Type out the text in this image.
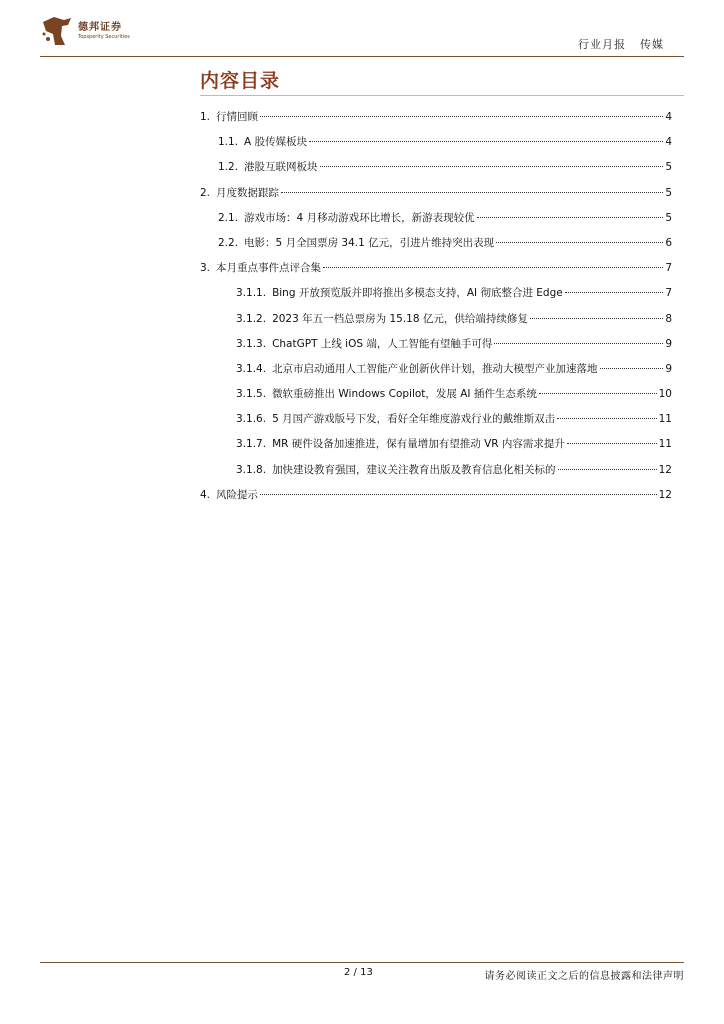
德邦证券
Topsperity Securities
行业月报 传媒
内容目录
1. 行情回顾	4
1.1. A 股传媒板块	4
1.2. 港股互联网板块	5
2. 月度数据跟踪	5
2.1. 游戏市场：4 月移动游戏环比增长，新游表现较优	5
2.2. 电影：5 月全国票房 34.1 亿元，引进片维持突出表现	6
3. 本月重点事件点评合集	7
3.1.1. Bing 开放预览版并即将推出多模态支持，AI 彻底整合进 Edge	7
3.1.2. 2023 年五一档总票房为 15.18 亿元，供给端持续修复	8
3.1.3. ChatGPT 上线 iOS 端，人工智能有望触手可得	9
3.1.4. 北京市启动通用人工智能产业创新伙伴计划，推动大模型产业加速落地	9
3.1.5. 微软重磅推出 Windows Copilot，发展 AI 插件生态系统	10
3.1.6. 5 月国产游戏版号下发，看好全年维度游戏行业的戴维斯双击	11
3.1.7. MR 硬件设备加速推进，保有量增加有望推动 VR 内容需求提升	11
3.1.8. 加快建设教育强国，建议关注教育出版及教育信息化相关标的	12
4. 风险提示	12
2 / 13	请务必阅读正文之后的信息披露和法律声明
